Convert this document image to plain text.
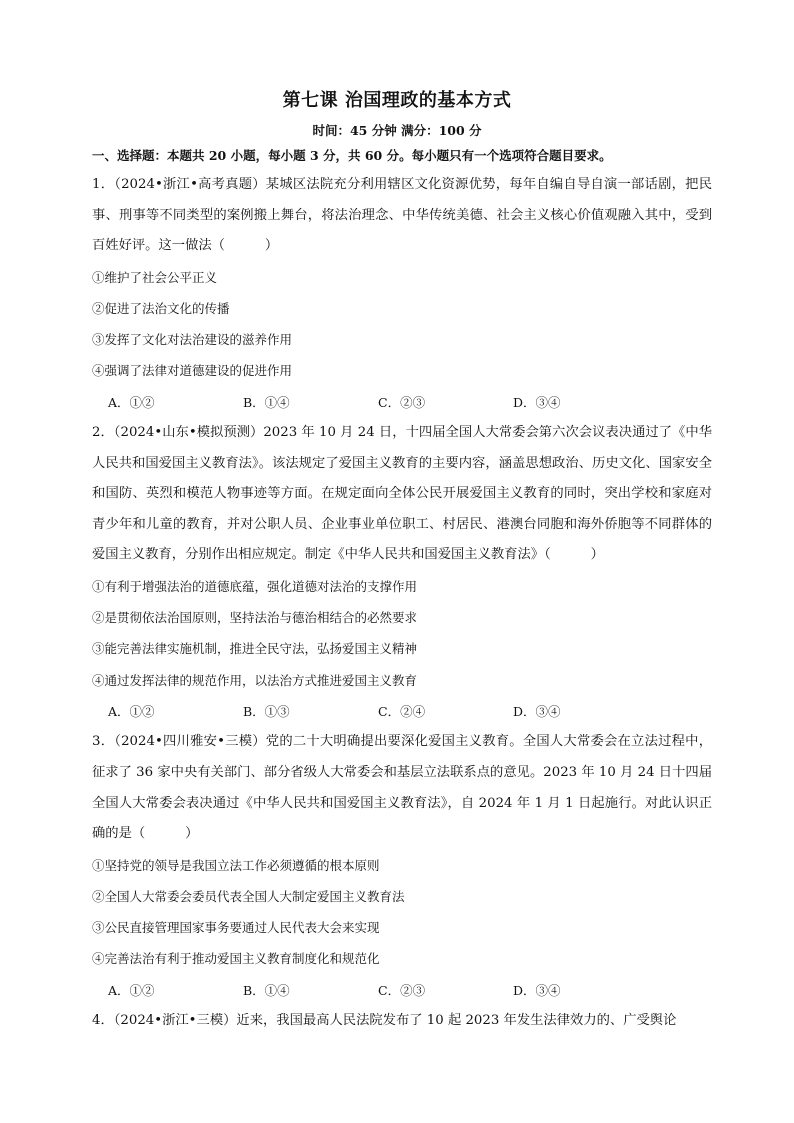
第七课 治国理政的基本方式
时间：45 分钟 满分：100 分
一、选择题：本题共 20 小题，每小题 3 分，共 60 分。每小题只有一个选项符合题目要求。
1．（2024•浙江•高考真题）某城区法院充分利用辖区文化资源优势，每年自编自导自演一部话剧，把民事、刑事等不同类型的案例搬上舞台，将法治理念、中华传统美德、社会主义核心价值观融入其中，受到百姓好评。这一做法（　　　）
①维护了社会公平正义
②促进了法治文化的传播
③发挥了文化对法治建设的滋养作用
④强调了法律对道德建设的促进作用
A．①②	B．①④	C．②③	D．③④
2．（2024•山东•模拟预测）2023 年 10 月 24 日，十四届全国人大常委会第六次会议表决通过了《中华人民共和国爱国主义教育法》。该法规定了爱国主义教育的主要内容，涵盖思想政治、历史文化、国家安全和国防、英烈和模范人物事迹等方面。在规定面向全体公民开展爱国主义教育的同时，突出学校和家庭对青少年和儿童的教育，并对公职人员、企业事业单位职工、村居民、港澳台同胞和海外侨胞等不同群体的爱国主义教育，分别作出相应规定。制定《中华人民共和国爱国主义教育法》（　　　）
①有利于增强法治的道德底蕴，强化道德对法治的支撑作用
②是贯彻依法治国原则，坚持法治与德治相结合的必然要求
③能完善法律实施机制，推进全民守法，弘扬爱国主义精神
④通过发挥法律的规范作用，以法治方式推进爱国主义教育
A．①②	B．①③	C．②④	D．③④
3．（2024•四川雅安•三模）党的二十大明确提出要深化爱国主义教育。全国人大常委会在立法过程中，征求了 36 家中央有关部门、部分省级人大常委会和基层立法联系点的意见。2023 年 10 月 24 日十四届全国人大常委会表决通过《中华人民共和国爱国主义教育法》，自 2024 年 1 月 1 日起施行。对此认识正确的是（　　　）
①坚持党的领导是我国立法工作必须遵循的根本原则
②全国人大常委会委员代表全国人大制定爱国主义教育法
③公民直接管理国家事务要通过人民代表大会来实现
④完善法治有利于推动爱国主义教育制度化和规范化
A．①②	B．①④	C．②③	D．③④
4．（2024•浙江•三模）近来，我国最高人民法院发布了 10 起 2023 年发生法律效力的、广受舆论
